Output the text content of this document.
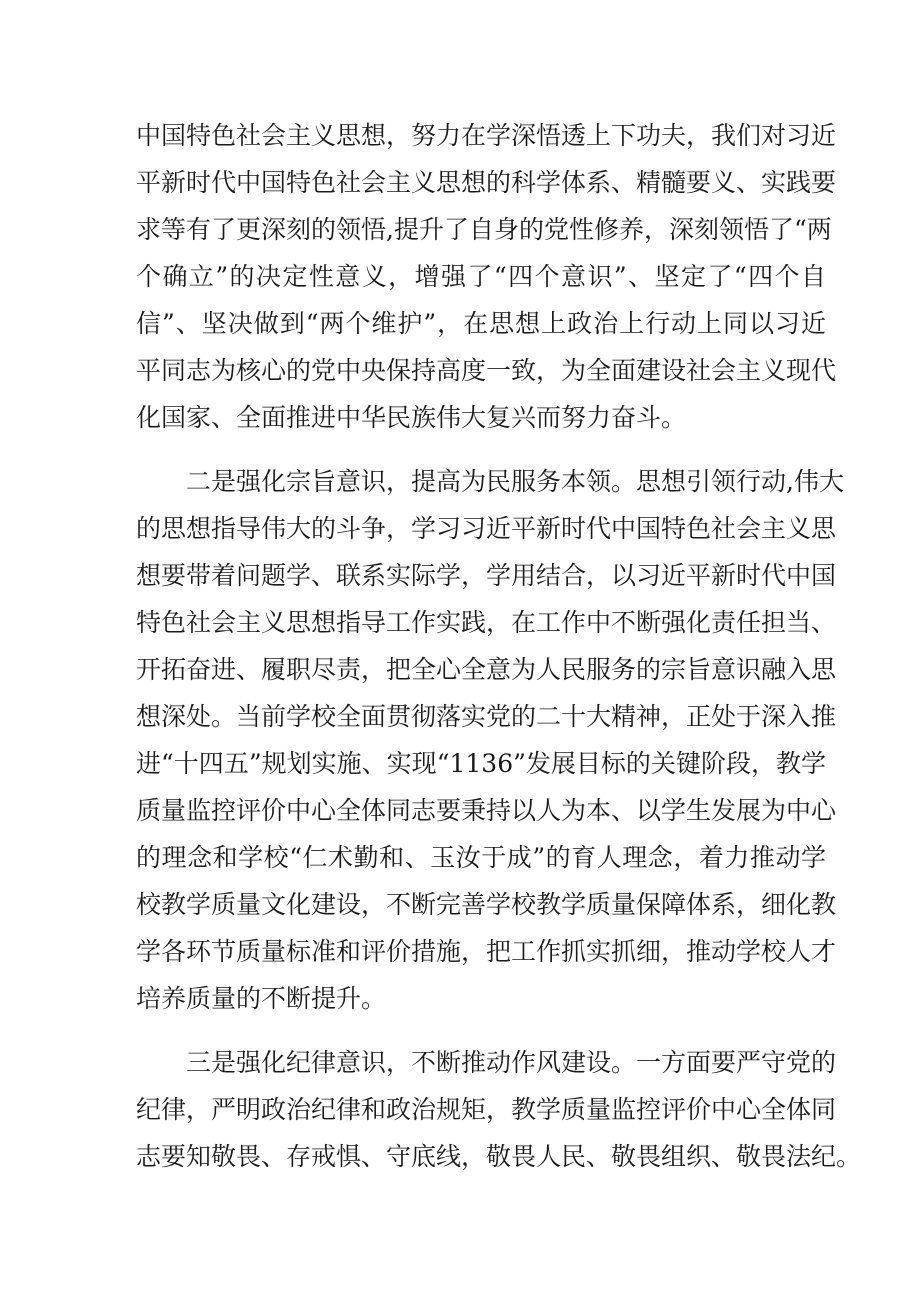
中国特色社会主义思想，努力在学深悟透上下功夫，我们对习近
平新时代中国特色社会主义思想的科学体系、精髓要义、实践要
求等有了更深刻的领悟,提升了自身的党性修养，深刻领悟了“两
个确立”的决定性意义，增强了“四个意识”、坚定了“四个自
信”、坚决做到“两个维护”，在思想上政治上行动上同以习近
平同志为核心的党中央保持高度一致，为全面建设社会主义现代
化国家、全面推进中华民族伟大复兴而努力奋斗。
　　二是强化宗旨意识，提高为民服务本领。思想引领行动,伟大
的思想指导伟大的斗争，学习习近平新时代中国特色社会主义思
想要带着问题学、联系实际学，学用结合，以习近平新时代中国
特色社会主义思想指导工作实践，在工作中不断强化责任担当、
开拓奋进、履职尽责，把全心全意为人民服务的宗旨意识融入思
想深处。当前学校全面贯彻落实党的二十大精神，正处于深入推
进“十四五”规划实施、实现“1136”发展目标的关键阶段，教学
质量监控评价中心全体同志要秉持以人为本、以学生发展为中心
的理念和学校“仁术勤和、玉汝于成”的育人理念，着力推动学
校教学质量文化建设，不断完善学校教学质量保障体系，细化教
学各环节质量标准和评价措施，把工作抓实抓细，推动学校人才
培养质量的不断提升。
　　三是强化纪律意识，不断推动作风建设。一方面要严守党的
纪律，严明政治纪律和政治规矩，教学质量监控评价中心全体同
志要知敬畏、存戒惧、守底线，敬畏人民、敬畏组织、敬畏法纪。
